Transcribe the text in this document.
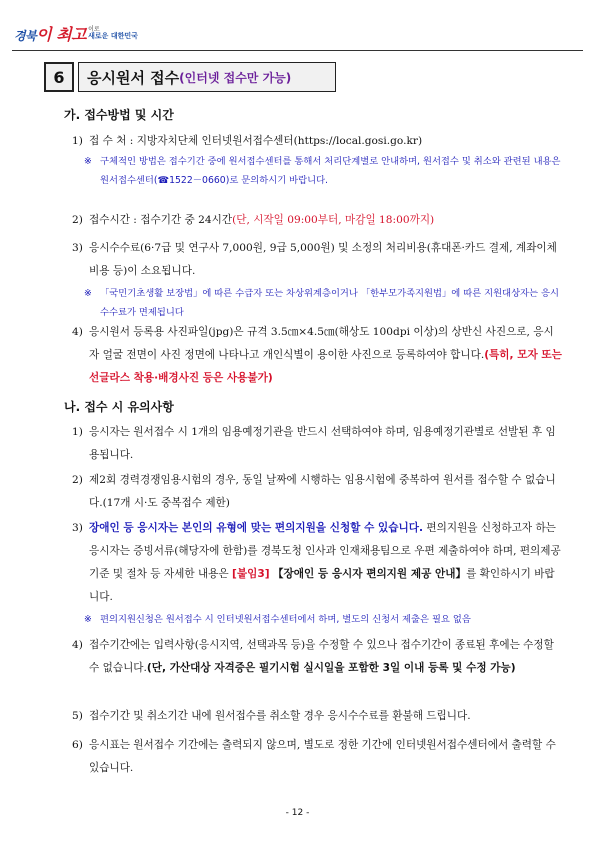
경북이 최고 이로
새로운 대한민국
6	응시원서 접수 (인터넷 접수만 가능)
가. 접수방법 및 시간
1) 접 수 처 : 지방자치단체 인터넷원서접수센터(https://local.gosi.go.kr)
※ 구체적인 방법은 접수기간 중에 원서접수센터를 통해서 처리단계별로 안내하며, 원서접수 및 취소와 관련된 내용은 원서접수센터(☎1522－0660)로 문의하시기 바랍니다.
2) 접수시간 : 접수기간 중 24시간(단, 시작일 09:00부터, 마감일 18:00까지)
3) 응시수수료(6·7급 및 연구사 7,000원, 9급 5,000원) 및 소정의 처리비용(휴대폰·카드 결제, 계좌이체 비용 등)이 소요됩니다.
※ 「국민기초생활 보장법」에 따른 수급자 또는 차상위계층이거나 「한부모가족지원법」에 따른 지원대상자는 응시수수료가 면제됩니다
4) 응시원서 등록용 사진파일(jpg)은 규격 3.5㎝×4.5㎝(해상도 100dpi 이상)의 상반신 사진으로, 응시자 얼굴 전면이 사진 정면에 나타나고 개인식별이 용이한 사진으로 등록하여야 합니다.(특히, 모자 또는 선글라스 착용·배경사진 등은 사용불가)
나. 접수 시 유의사항
1) 응시자는 원서접수 시 1개의 임용예정기관을 반드시 선택하여야 하며, 임용예정기관별로 선발된 후 임용됩니다.
2) 제2회 경력경쟁임용시험의 경우, 동일 날짜에 시행하는 임용시험에 중복하여 원서를 접수할 수 없습니다.(17개 시·도 중복접수 제한)
3) 장애인 등 응시자는 본인의 유형에 맞는 편의지원을 신청할 수 있습니다. 편의지원을 신청하고자 하는 응시자는 증빙서류(해당자에 한함)를 경북도청 인사과 인재채용팀으로 우편 제출하여야 하며, 편의제공 기준 및 절차 등 자세한 내용은 [붙임3] 【장애인 등 응시자 편의지원 제공 안내】를 확인하시기 바랍니다.
※ 편의지원신청은 원서접수 시 인터넷원서접수센터에서 하며, 별도의 신청서 제출은 필요 없음
4) 접수기간에는 입력사항(응시지역, 선택과목 등)을 수정할 수 있으나 접수기간이 종료된 후에는 수정할 수 없습니다.(단, 가산대상 자격증은 필기시험 실시일을 포함한 3일 이내 등록 및 수정 가능)
5) 접수기간 및 취소기간 내에 원서접수를 취소할 경우 응시수수료를 환불해 드립니다.
6) 응시표는 원서접수 기간에는 출력되지 않으며, 별도로 정한 기간에 인터넷원서접수센터에서 출력할 수 있습니다.
- 12 -
